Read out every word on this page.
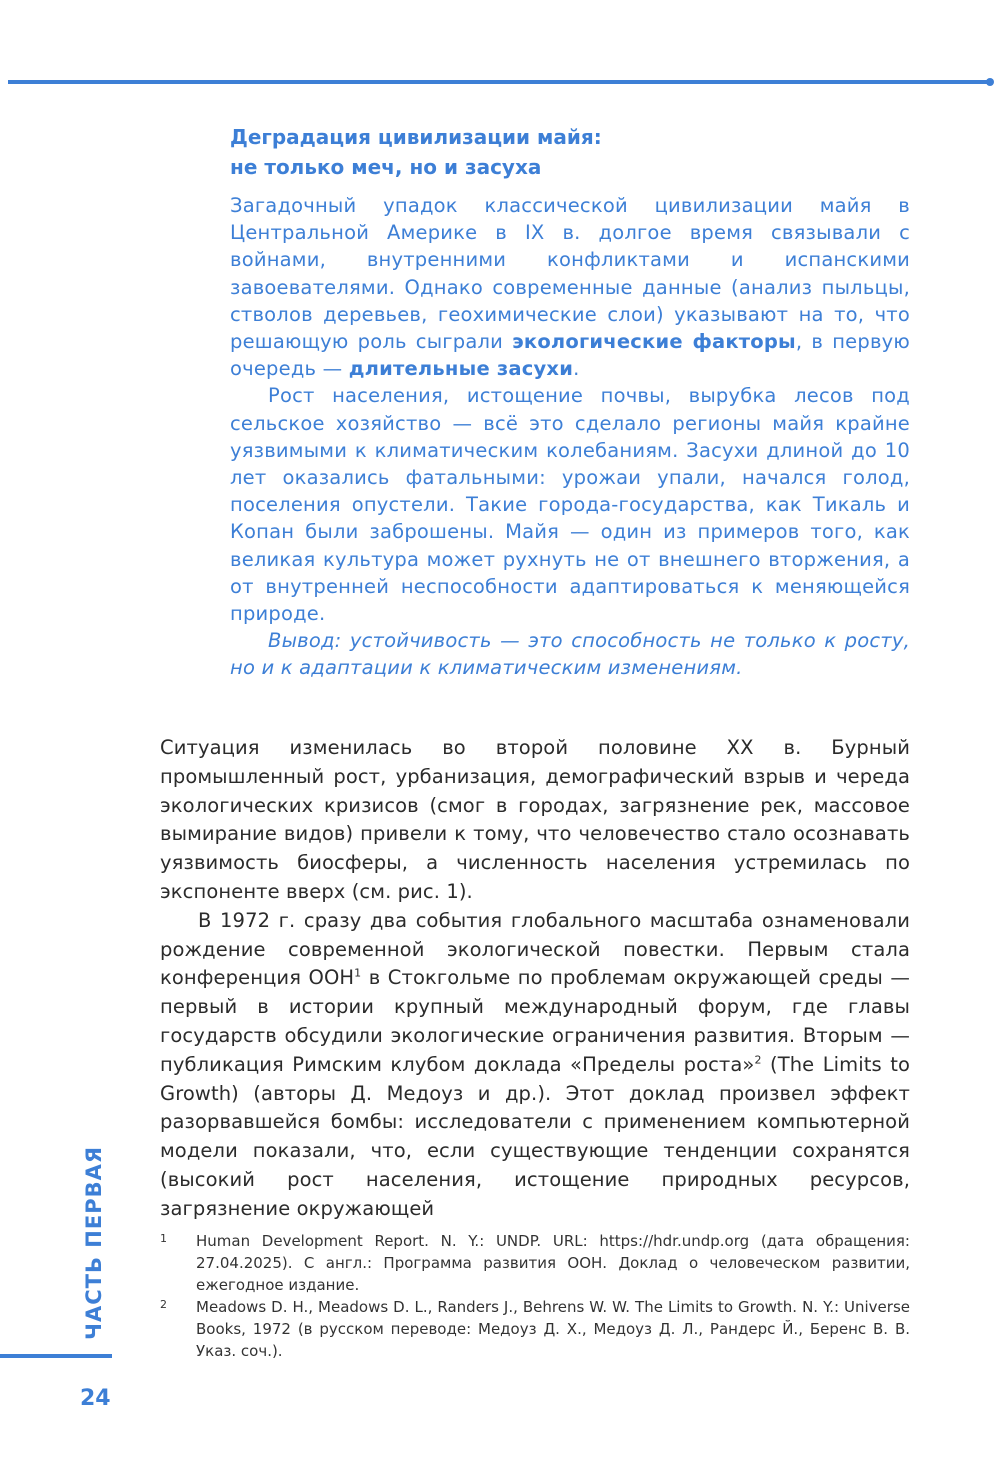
Деградация цивилизации майя:
не только меч, но и засуха

Загадочный упадок классической цивилизации майя в Центральной Америке в IX в. долгое время связывали с войнами, внутренними конфликтами и испанскими завоевателями. Однако современные данные (анализ пыльцы, стволов деревьев, геохимические слои) указывают на то, что решающую роль сыграли экологические факторы, в первую очередь — длительные засухи.

Рост населения, истощение почвы, вырубка лесов под сельское хозяйство — всё это сделало регионы майя крайне уязвимыми к климатическим колебаниям. Засухи длиной до 10 лет оказались фатальными: урожаи упали, начался голод, поселения опустели. Такие города-государства, как Тикаль и Копан были заброшены. Майя — один из примеров того, как великая культура может рухнуть не от внешнего вторжения, а от внутренней неспособности адаптироваться к меняющейся природе.

Вывод: устойчивость — это способность не только к росту, но и к адаптации к климатическим изменениям.

Ситуация изменилась во второй половине XX в. Бурный промышленный рост, урбанизация, демографический взрыв и череда экологических кризисов (смог в городах, загрязнение рек, массовое вымирание видов) привели к тому, что человечество стало осознавать уязвимость биосферы, а численность населения устремилась по экспоненте вверх (см. рис. 1).

В 1972 г. сразу два события глобального масштаба ознаменовали рождение современной экологической повестки. Первым стала конференция ООН$^1$ в Стокгольме по проблемам окружающей среды — первый в истории крупный международный форум, где главы государств обсудили экологические ограничения развития. Вторым — публикация Римским клубом доклада «Пределы роста»$^2$ (The Limits to Growth) (авторы Д. Медоуз и др.). Этот доклад произвел эффект разорвавшейся бомбы: исследователи с применением компьютерной модели показали, что, если существующие тенденции сохранятся (высокий рост населения, истощение природных ресурсов, загрязнение окружающей

1 Human Development Report. N. Y.: UNDP. URL: https://hdr.undp.org (дата обращения: 27.04.2025). С англ.: Программа развития ООН. Доклад о человеческом развитии, ежегодное издание.

2 Meadows D. H., Meadows D. L., Randers J., Behrens W. W. The Limits to Growth. N. Y.: Universe Books, 1972 (в русском переводе: Медоуз Д. Х., Медоуз Д. Л., Рандерс Й., Беренс В. В. Указ. соч.).

ЧАСТЬ ПЕРВАЯ
24
